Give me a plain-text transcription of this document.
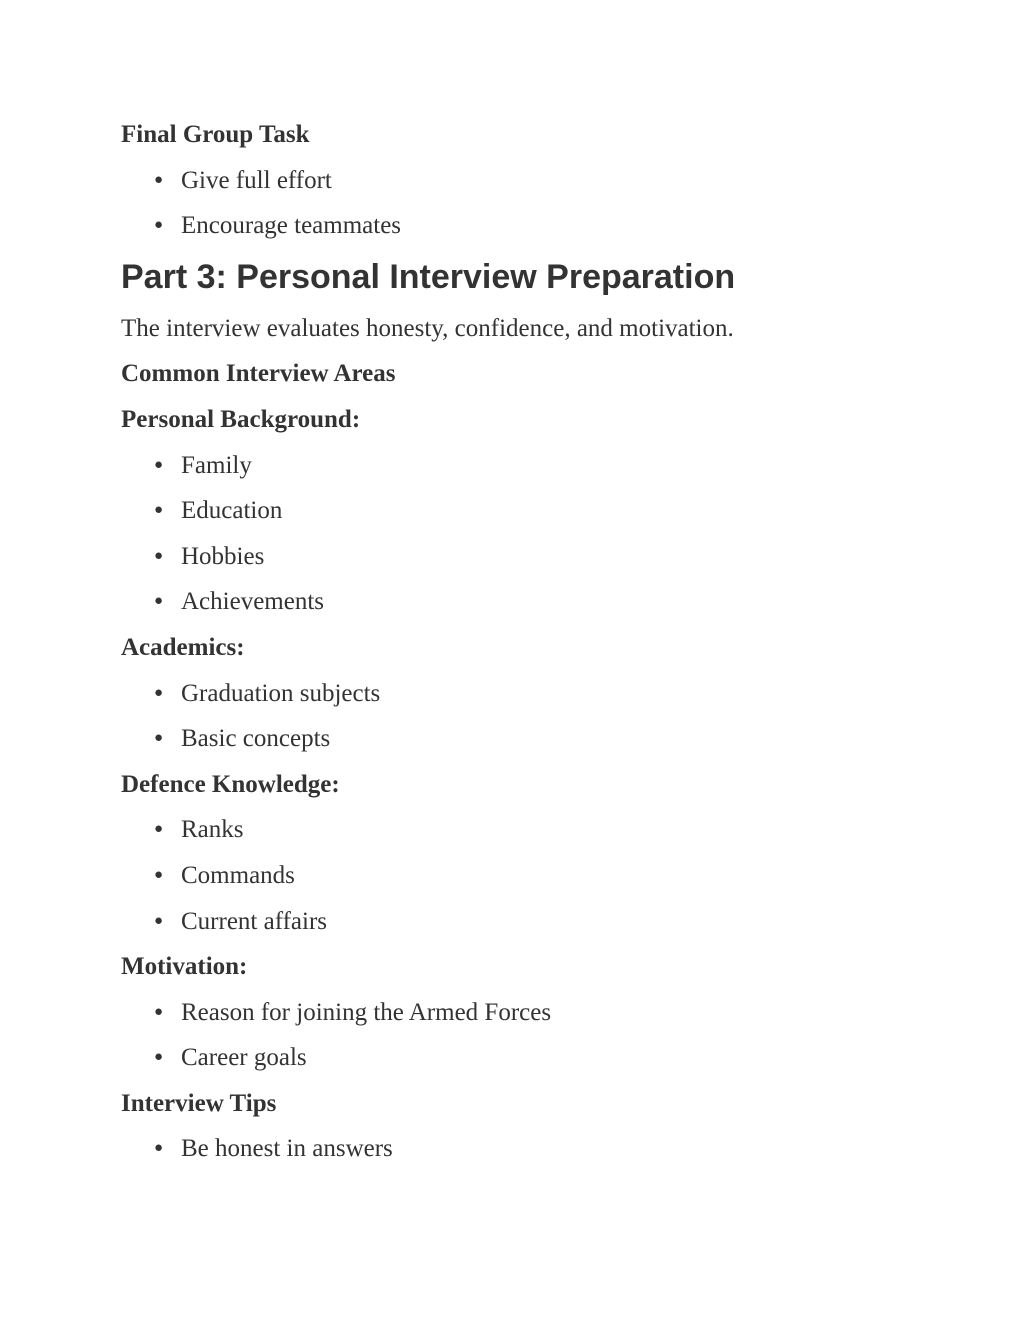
Final Group Task
● Give full effort
● Encourage teammates
Part 3: Personal Interview Preparation
The interview evaluates honesty, confidence, and motivation.
Common Interview Areas
Personal Background:
● Family
● Education
● Hobbies
● Achievements
Academics:
● Graduation subjects
● Basic concepts
Defence Knowledge:
● Ranks
● Commands
● Current affairs
Motivation:
● Reason for joining the Armed Forces
● Career goals
Interview Tips
● Be honest in answers
